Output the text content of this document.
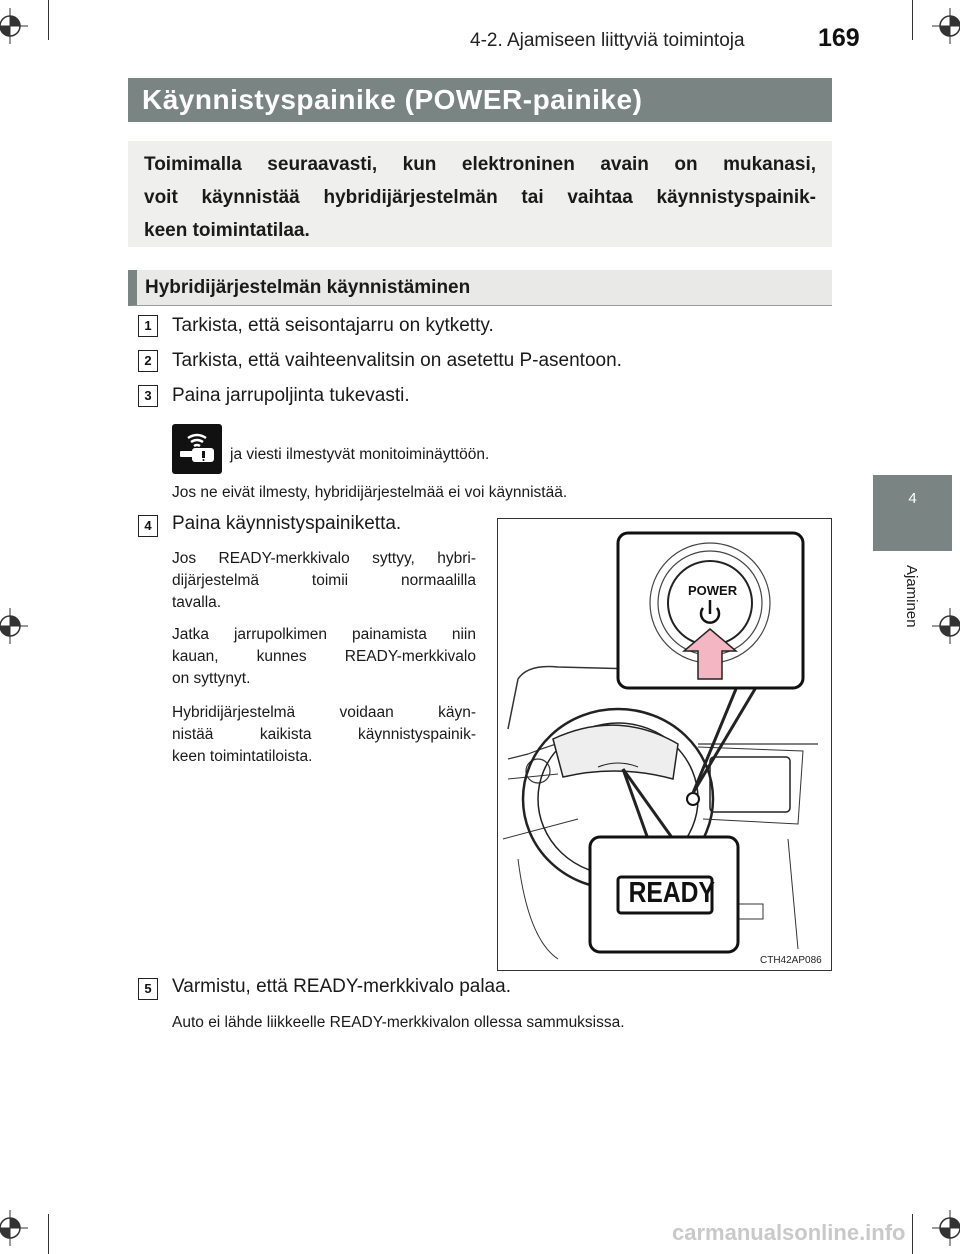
4-2. Ajamiseen liittyviä toimintoja	169
4
Ajaminen
Käynnistyspainike (POWER-painike)
Toimimalla seuraavasti, kun elektroninen avain on mukanasi,
voit käynnistää hybridijärjestelmän tai vaihtaa käynnistyspainik-
keen toimintatilaa.
Hybridijärjestelmän käynnistäminen
1	Tarkista, että seisontajarru on kytketty.
2	Tarkista, että vaihteenvalitsin on asetettu P-asentoon.
3	Paina jarrupoljinta tukevasti.
ja viesti ilmestyvät monitoiminäyttöön.
Jos ne eivät ilmesty, hybridijärjestelmää ei voi käynnistää.
4	Paina käynnistyspainiketta.
Jos READY-merkkivalo syttyy, hybri-
dijärjestelmä toimii normaalilla
tavalla.
Jatka jarrupolkimen painamista niin
kauan, kunnes READY-merkkivalo
on syttynyt.
Hybridijärjestelmä voidaan käyn-
nistää kaikista käynnistyspainik-
keen toimintatiloista.
POWER
READY
CTH42AP086
5	Varmistu, että READY-merkkivalo palaa.
Auto ei lähde liikkeelle READY-merkkivalon ollessa sammuksissa.
carmanualsonline.info
